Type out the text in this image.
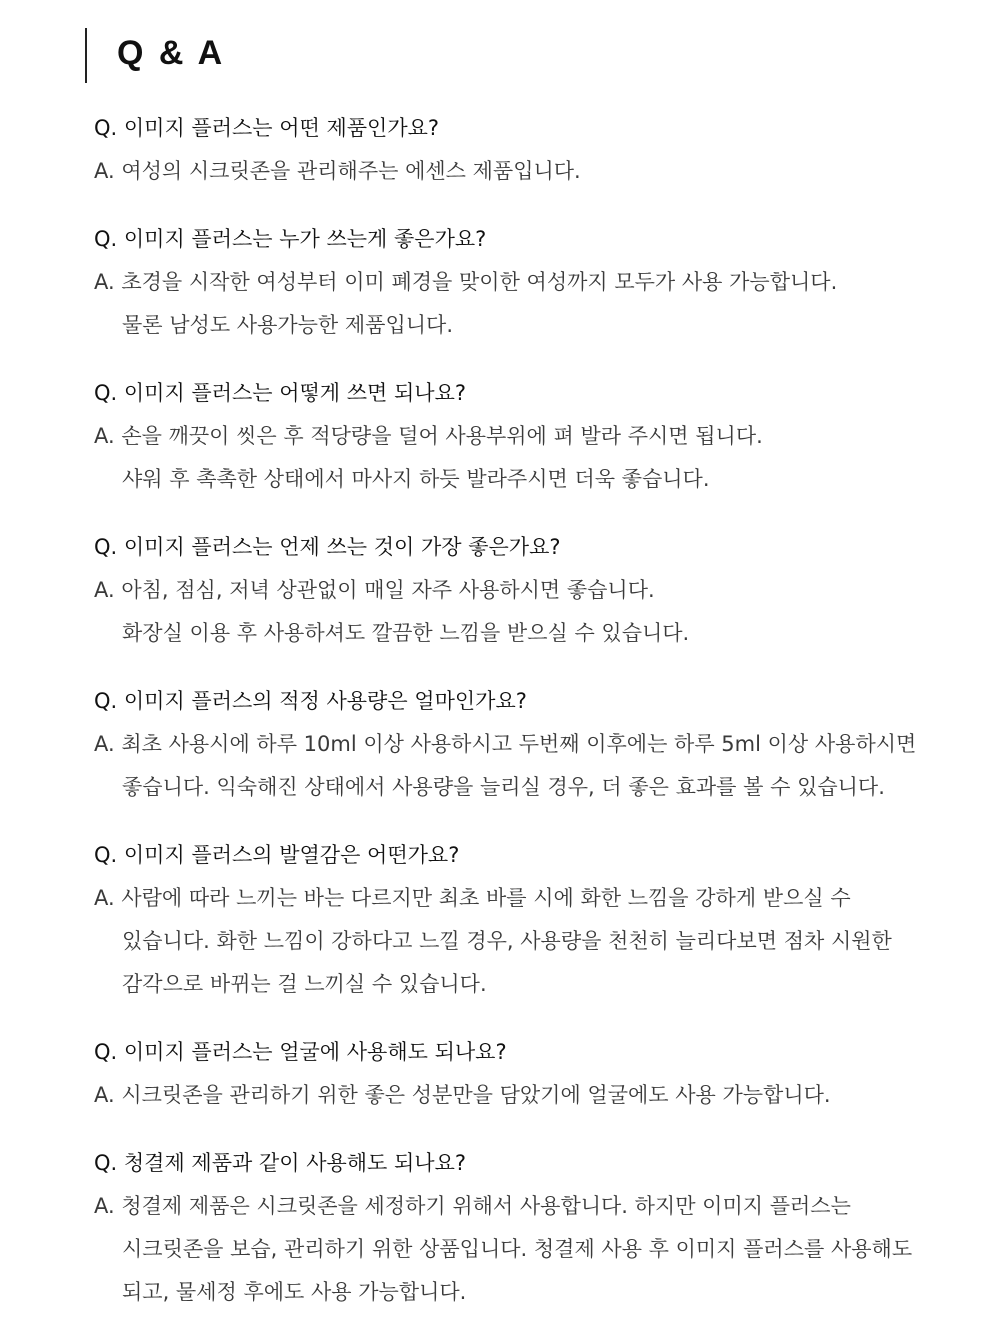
Q & A

Q. 이미지 플러스는 어떤 제품인가요?

A. 여성의 시크릿존을 관리해주는 에센스 제품입니다.

Q. 이미지 플러스는 누가 쓰는게 좋은가요?

A. 초경을 시작한 여성부터 이미 폐경을 맞이한 여성까지 모두가 사용 가능합니다.
물론 남성도 사용가능한 제품입니다.

Q. 이미지 플러스는 어떻게 쓰면 되나요?

A. 손을 깨끗이 씻은 후 적당량을 덜어 사용부위에 펴 발라 주시면 됩니다.
샤워 후 촉촉한 상태에서 마사지 하듯 발라주시면 더욱 좋습니다.

Q. 이미지 플러스는 언제 쓰는 것이 가장 좋은가요?

A. 아침, 점심, 저녁 상관없이 매일 자주 사용하시면 좋습니다.
화장실 이용 후 사용하셔도 깔끔한 느낌을 받으실 수 있습니다.

Q. 이미지 플러스의 적정 사용량은 얼마인가요?

A. 최초 사용시에 하루 10ml 이상 사용하시고 두번째 이후에는 하루 5ml 이상 사용하시면
좋습니다. 익숙해진 상태에서 사용량을 늘리실 경우, 더 좋은 효과를 볼 수 있습니다.

Q. 이미지 플러스의 발열감은 어떤가요?

A. 사람에 따라 느끼는 바는 다르지만 최초 바를 시에 화한 느낌을 강하게 받으실 수
있습니다. 화한 느낌이 강하다고 느낄 경우, 사용량을 천천히 늘리다보면 점차 시원한
감각으로 바뀌는 걸 느끼실 수 있습니다.

Q. 이미지 플러스는 얼굴에 사용해도 되나요?

A. 시크릿존을 관리하기 위한 좋은 성분만을 담았기에 얼굴에도 사용 가능합니다.

Q. 청결제 제품과 같이 사용해도 되나요?

A. 청결제 제품은 시크릿존을 세정하기 위해서 사용합니다. 하지만 이미지 플러스는
시크릿존을 보습, 관리하기 위한 상품입니다. 청결제 사용 후 이미지 플러스를 사용해도
되고, 물세정 후에도 사용 가능합니다.
